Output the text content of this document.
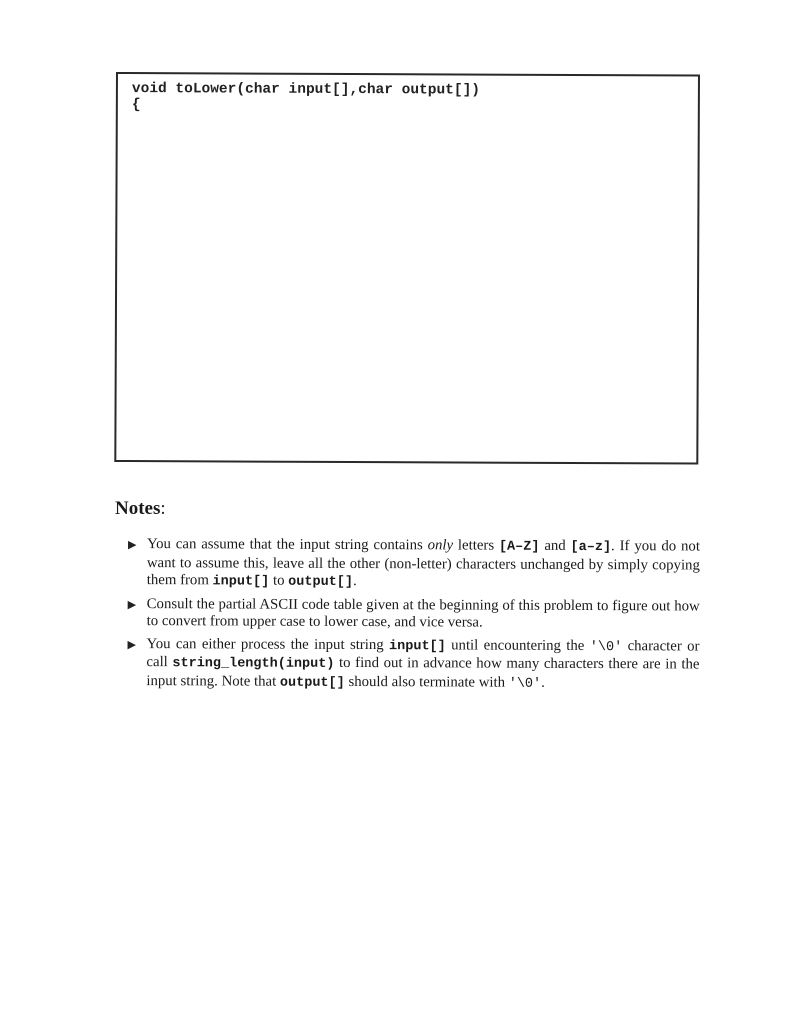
void toLower(char input[],char output[])
{
Notes:
▶ You can assume that the input string contains only letters [A–Z] and [a–z]. If you do not want to assume this, leave all the other (non-letter) characters unchanged by simply copying them from input[] to output[].
▶ Consult the partial ASCII code table given at the beginning of this problem to figure out how to convert from upper case to lower case, and vice versa.
▶ You can either process the input string input[] until encountering the '\0' character or call string_length(input) to find out in advance how many characters there are in the input string. Note that output[] should also terminate with '\0'.
